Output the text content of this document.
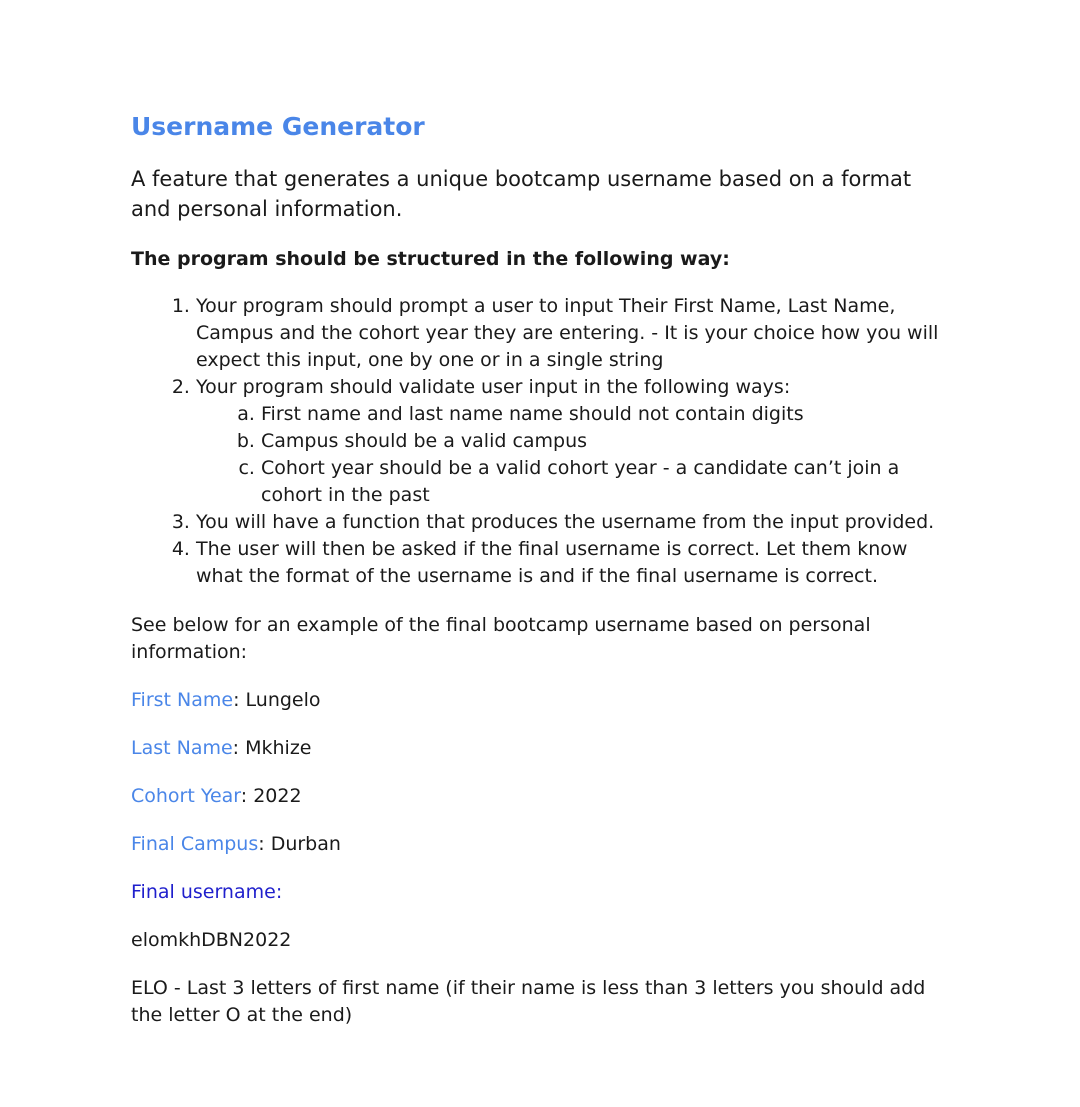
Username Generator

A feature that generates a unique bootcamp username based on a format and personal information.

The program should be structured in the following way:

1. Your program should prompt a user to input Their First Name, Last Name, Campus and the cohort year they are entering. - It is your choice how you will expect this input, one by one or in a single string
2. Your program should validate user input in the following ways:
a. First name and last name name should not contain digits
b. Campus should be a valid campus
c. Cohort year should be a valid cohort year - a candidate can’t join a cohort in the past
3. You will have a function that produces the username from the input provided.
4. The user will then be asked if the final username is correct. Let them know what the format of the username is and if the final username is correct.

See below for an example of the final bootcamp username based on personal information:

First Name: Lungelo

Last Name: Mkhize

Cohort Year: 2022

Final Campus: Durban

Final username:

elomkhDBN2022

ELO - Last 3 letters of first name (if their name is less than 3 letters you should add the letter O at the end)
